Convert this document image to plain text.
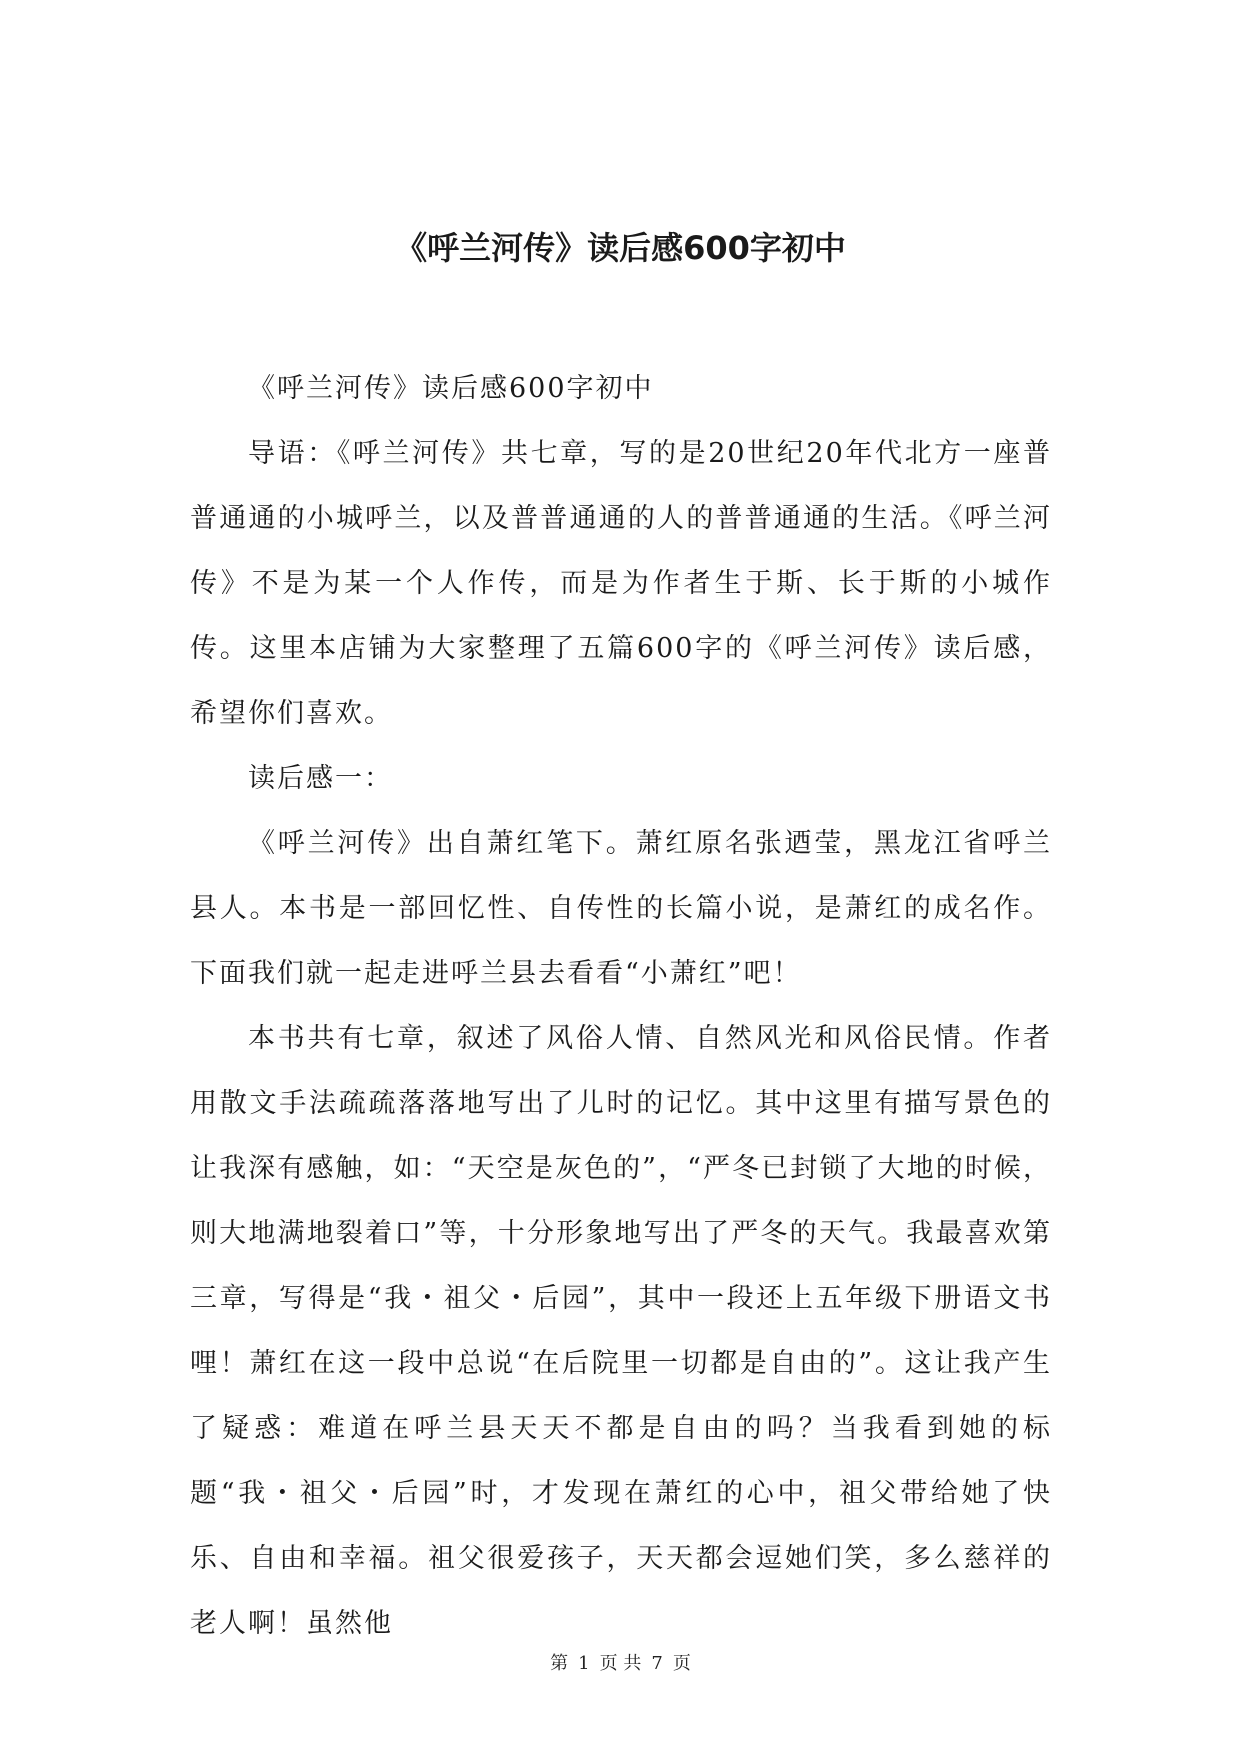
《呼兰河传》读后感600字初中

《呼兰河传》读后感600字初中

导语：《呼兰河传》共七章，写的是20世纪20年代北方一座普普通通的小城呼兰，以及普普通通的人的普普通通的生活。《呼兰河传》不是为某一个人作传，而是为作者生于斯、长于斯的小城作传。这里本店铺为大家整理了五篇600字的《呼兰河传》读后感，希望你们喜欢。

读后感一：

《呼兰河传》出自萧红笔下。萧红原名张迺莹，黑龙江省呼兰县人。本书是一部回忆性、自传性的长篇小说，是萧红的成名作。下面我们就一起走进呼兰县去看看“小萧红”吧！

本书共有七章，叙述了风俗人情、自然风光和风俗民情。作者用散文手法疏疏落落地写出了儿时的记忆。其中这里有描写景色的让我深有感触，如：“天空是灰色的”，“严冬已封锁了大地的时候，则大地满地裂着口”等，十分形象地写出了严冬的天气。我最喜欢第三章，写得是“我・祖父・后园”，其中一段还上五年级下册语文书哩！萧红在这一段中总说“在后院里一切都是自由的”。这让我产生了疑惑：难道在呼兰县天天不都是自由的吗？当我看到她的标题“我・祖父・后园”时，才发现在萧红的心中，祖父带给她了快乐、自由和幸福。祖父很爱孩子，天天都会逗她们笑，多么慈祥的老人啊！虽然他

第 1 页 共 7 页
